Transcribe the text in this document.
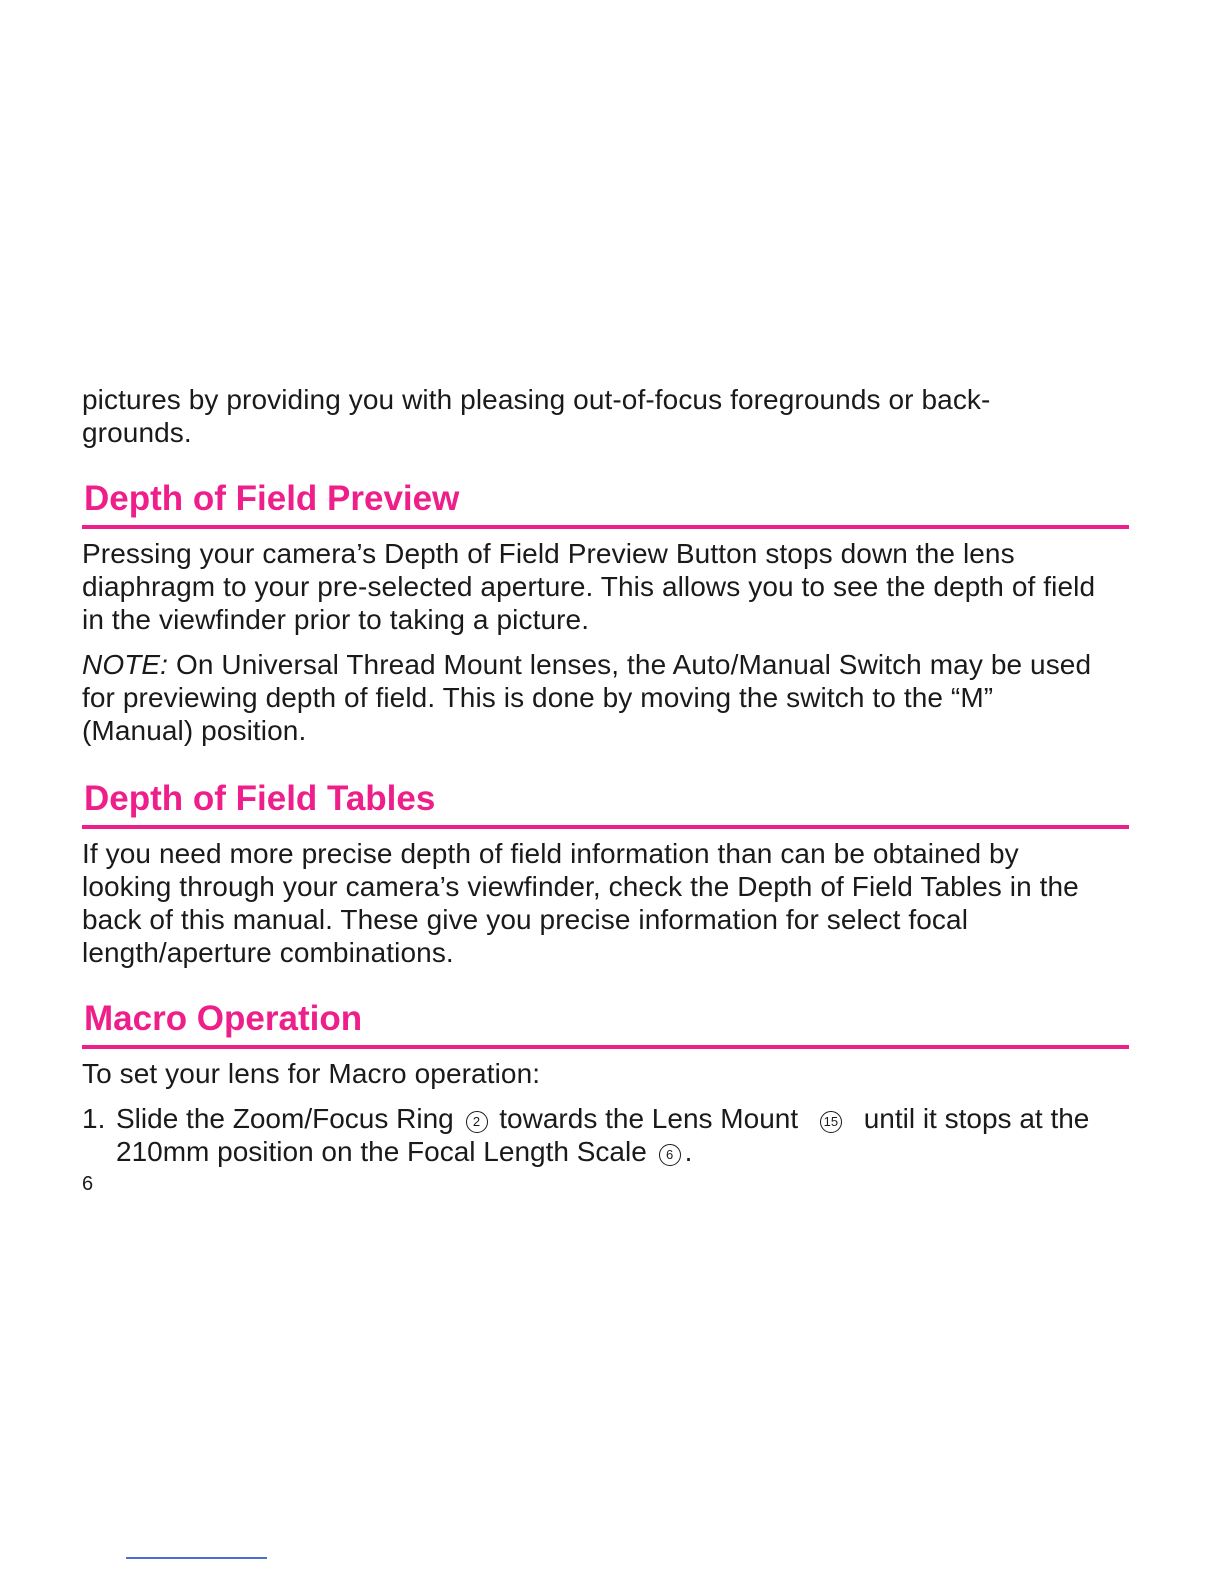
pictures by providing you with pleasing out-of-focus foregrounds or back-grounds.

Depth of Field Preview

Pressing your camera’s Depth of Field Preview Button stops down the lens diaphragm to your pre-selected aperture. This allows you to see the depth of field in the viewfinder prior to taking a picture.

NOTE: On Universal Thread Mount lenses, the Auto/Manual Switch may be used for previewing depth of field. This is done by moving the switch to the “M” (Manual) position.

Depth of Field Tables

If you need more precise depth of field information than can be obtained by looking through your camera’s viewfinder, check the Depth of Field Tables in the back of this manual. These give you precise information for select focal length/aperture combinations.

Macro Operation

To set your lens for Macro operation:

1. Slide the Zoom/Focus Ring 2 towards the Lens Mount 15 until it stops at the 210mm position on the Focal Length Scale 6 .
6
